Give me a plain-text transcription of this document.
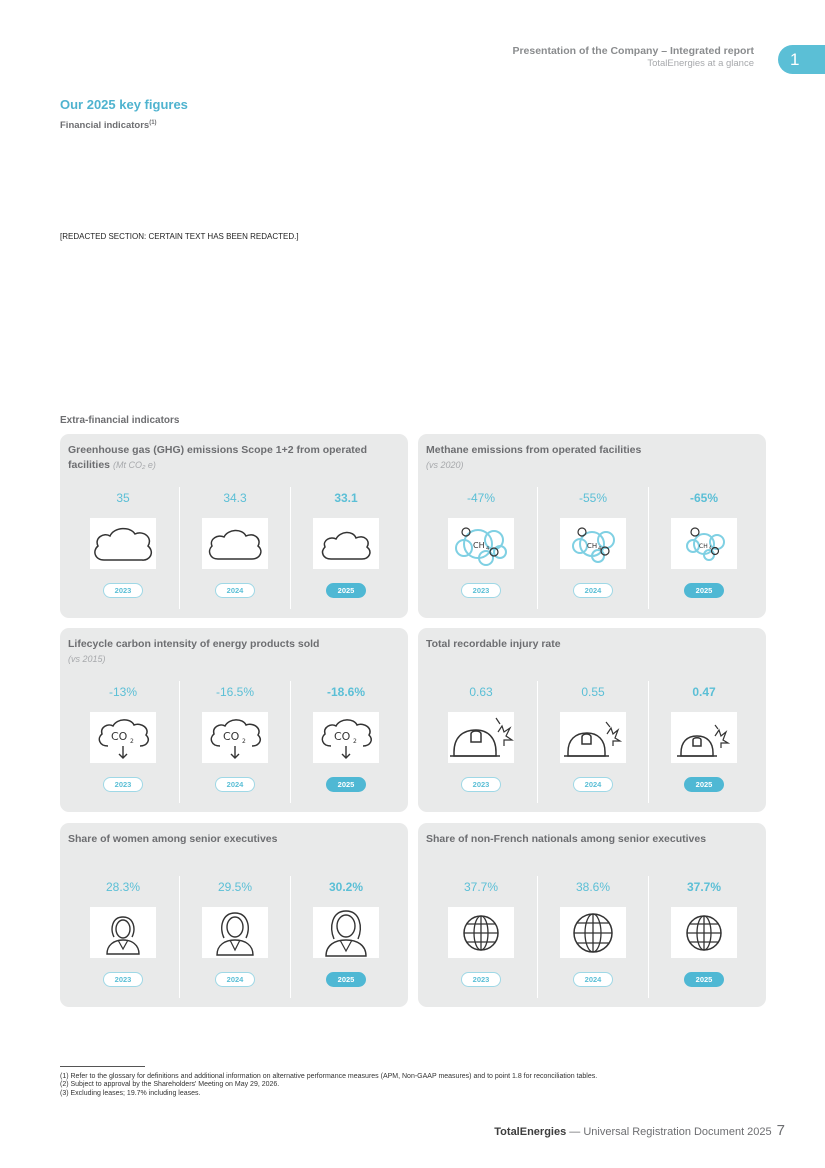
Presentation of the Company – Integrated report
TotalEnergies at a glance	1
Our 2025 key figures
Financial indicators$^{(1)}$
[REDACTED SECTION: CERTAIN TEXT HAS BEEN REDACTED.]
Extra-financial indicators
Greenhouse gas (GHG) emissions Scope 1+2 from operated facilities (Mt CO₂ e)
35
2023
34.3
2024
33.1
2025
Methane emissions from operated facilities
(vs 2020)
-47%
CH 4
2023
-55%
CH 4
2024
-65%
CH 4
2025
Lifecycle carbon intensity of energy products sold
(vs 2015)
-13%
CO 2
2023
-16.5%
CO 2
2024
-18.6%
CO 2
2025
Total recordable injury rate
0.63
2023
0.55
2024
0.47
2025
Share of women among senior executives
28.3%
2023
29.5%
2024
30.2%
2025
Share of non-French nationals among senior executives
37.7%
2023
38.6%
2024
37.7%
2025
(1) Refer to the glossary for definitions and additional information on alternative performance measures (APM, Non-GAAP measures) and to point 1.8 for reconciliation tables.
(2) Subject to approval by the Shareholders' Meeting on May 29, 2026.
(3) Excluding leases; 19.7% including leases.
TotalEnergies — Universal Registration Document 2025 7
